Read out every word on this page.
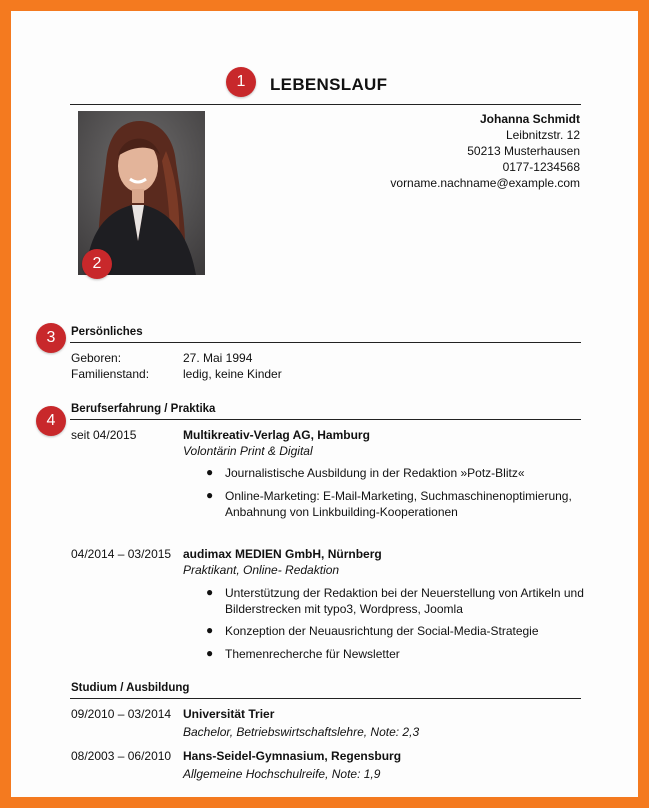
1	LEBENSLAUF
2
Johanna Schmidt
Leibnitzstr. 12
50213 Musterhausen
0177-1234568
vorname.nachname@example.com
3	Persönliches
Geboren:	27. Mai 1994
Familienstand:	ledig, keine Kinder
4
Berufserfahrung / Praktika
seit 04/2015	Multikreativ-Verlag AG, Hamburg
Volontärin Print & Digital
● Journalistische Ausbildung in der Redaktion »Potz-Blitz«
● Online-Marketing: E-Mail-Marketing, Suchmaschinenoptimierung, Anbahnung von Linkbuilding-Kooperationen
04/2014 – 03/2015 audimax MEDIEN GmbH, Nürnberg
Praktikant, Online- Redaktion
● Unterstützung der Redaktion bei der Neuerstellung von Artikeln und Bilderstrecken mit typo3, Wordpress, Joomla
● Konzeption der Neuausrichtung der Social-Media-Strategie
● Themenrecherche für Newsletter
Studium / Ausbildung
09/2010 – 03/2014 Universität Trier
Bachelor, Betriebswirtschaftslehre, Note: 2,3
08/2003 – 06/2010 Hans-Seidel-Gymnasium, Regensburg
Allgemeine Hochschulreife, Note: 1,9
